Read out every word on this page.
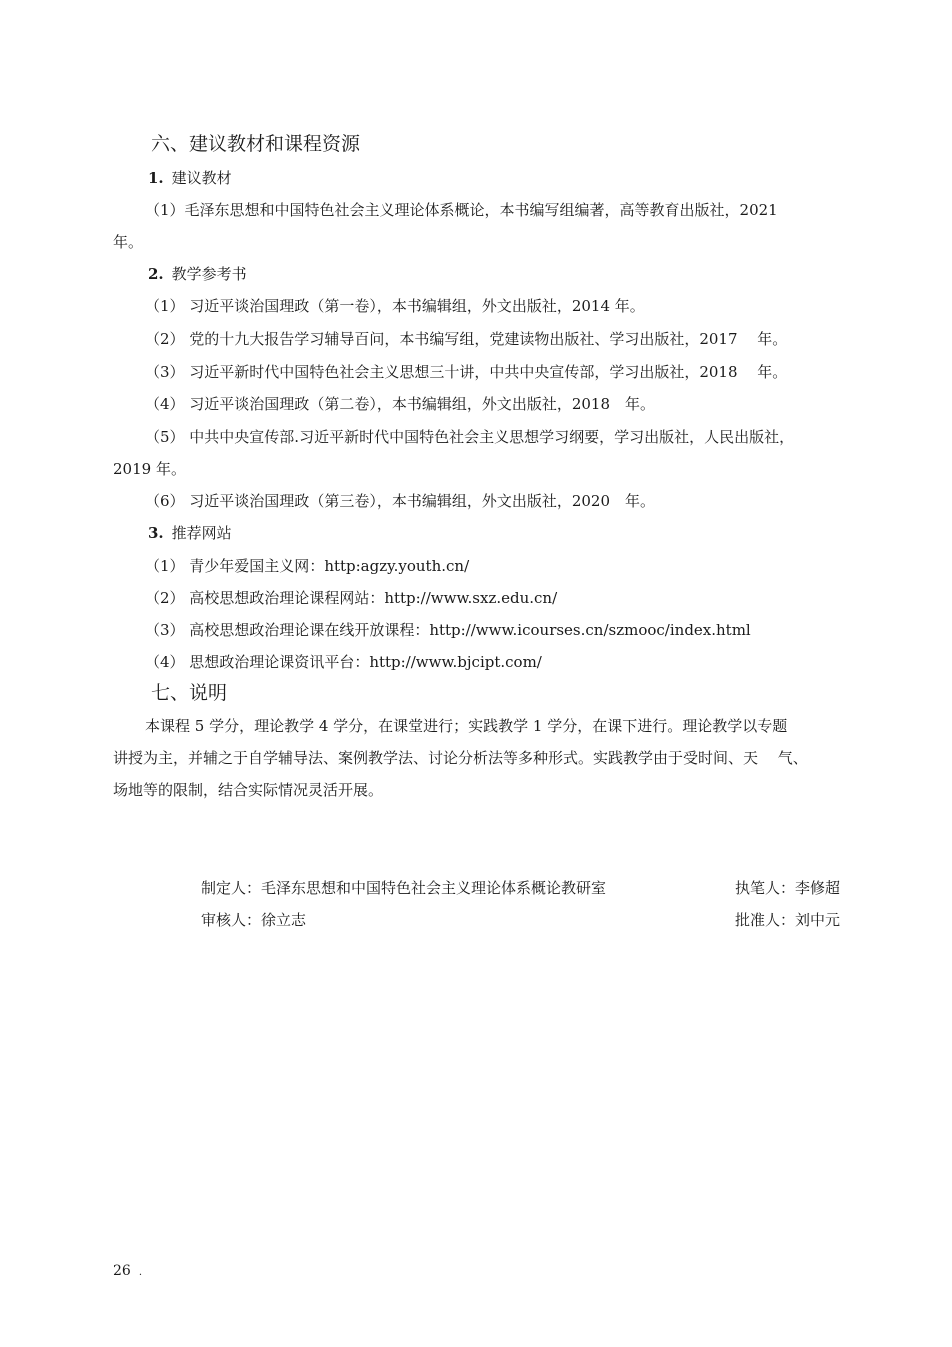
六、建议教材和课程资源
1. 建议教材
（1）毛泽东思想和中国特色社会主义理论体系概论，本书编写组编著，高等教育出版社，2021
年。
2. 教学参考书
（1） 习近平谈治国理政（第一卷），本书编辑组，外文出版社，2014 年。
（2） 党的十九大报告学习辅导百问，本书编写组，党建读物出版社、学习出版社，2017　 年。
（3） 习近平新时代中国特色社会主义思想三十讲，中共中央宣传部，学习出版社，2018　 年。
（4） 习近平谈治国理政（第二卷），本书编辑组，外文出版社，2018　年。
（5） 中共中央宣传部.习近平新时代中国特色社会主义思想学习纲要，学习出版社，人民出版社，
2019 年。
（6） 习近平谈治国理政（第三卷），本书编辑组，外文出版社，2020　年。
3. 推荐网站
（1） 青少年爱国主义网：http:agzy.youth.cn/
（2） 高校思想政治理论课程网站：http://www.sxz.edu.cn/
（3） 高校思想政治理论课在线开放课程：http://www.icourses.cn/szmooc/index.html
（4） 思想政治理论课资讯平台：http://www.bjcipt.com/
七、说明
本课程 5 学分，理论教学 4 学分，在课堂进行；实践教学 1 学分，在课下进行。理论教学以专题
讲授为主，并辅之于自学辅导法、案例教学法、讨论分析法等多种形式。实践教学由于受时间、天　 气、
场地等的限制，结合实际情况灵活开展。
制定人：毛泽东思想和中国特色社会主义理论体系概论教研室	执笔人：李修超
审核人：徐立志	批准人：刘中元
26 .
